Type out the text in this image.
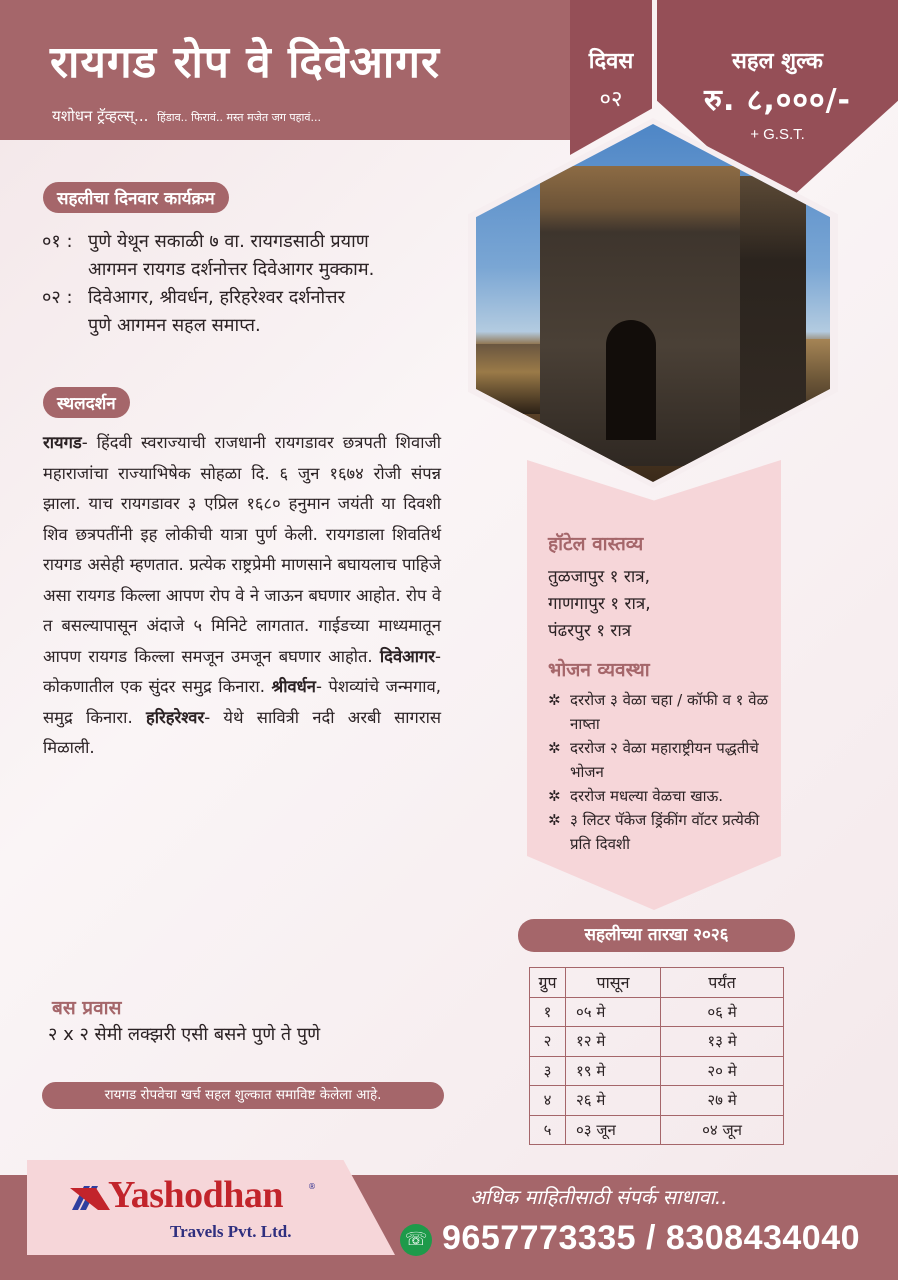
रायगड रोप वे दिवेआगर
यशोधन ट्रॅव्हल्स्... हिंडाव.. फिरावं.. मस्त मजेत जग पहावं...
दिवस
०२
सहल शुल्क
रु. ८,०००/-
+ G.S.T.
हॉटेल वास्तव्य
तुळजापुर १ रात्र,
गाणगापुर १ रात्र,
पंढरपुर १ रात्र
भोजन व्यवस्था
✲ दररोज ३ वेळा चहा / कॉफी व १ वेळ नाष्ता
✲ दररोज २ वेळा महाराष्ट्रीयन पद्धतीचे भोजन
✲ दररोज मधल्या वेळचा खाऊ.
✲ ३ लिटर पॅकेज ड्रिंकींग वॉटर प्रत्येकी प्रति दिवशी
सहलीचा दिनवार कार्यक्रम
०१ : पुणे येथून सकाळी ७ वा. रायगडसाठी प्रयाण
आगमन रायगड दर्शनोत्तर दिवेआगर मुक्काम.
०२ : दिवेआगर, श्रीवर्धन, हरिहरेश्वर दर्शनोत्तर
पुणे आगमन सहल समाप्त.
स्थलदर्शन

रायगड- हिंदवी स्वराज्याची राजधानी रायगडावर छत्रपती शिवाजी महाराजांचा राज्याभिषेक सोहळा दि. ६ जुन १६७४ रोजी संपन्न झाला. याच रायगडावर ३ एप्रिल १६८० हनुमान जयंती या दिवशी शिव छत्रपतींनी इह लोकीची यात्रा पुर्ण केली. रायगडाला शिवतिर्थ रायगड असेही म्हणतात. प्रत्येक राष्ट्रप्रेमी माणसाने बघायलाच पाहिजे असा रायगड किल्ला आपण रोप वे ने जाऊन बघणार आहोत. रोप वे त बसल्यापासून अंदाजे ५ मिनिटे लागतात. गाईडच्या माध्यमातून आपण रायगड किल्ला समजून उमजून बघणार आहोत. दिवेआगर- कोकणातील एक सुंदर समुद्र किनारा. श्रीवर्धन- पेशव्यांचे जन्मगाव, समुद्र किनारा. हरिहरेश्वर- येथे सावित्री नदी अरबी सागरास मिळाली.

बस प्रवास
२ x २ सेमी लक्झरी एसी बसने पुणे ते पुणे
रायगड रोपवेचा खर्च सहल शुल्कात समाविष्ट केलेला आहे.
सहलीच्या तारखा २०२६
ग्रुप	पासून	पर्यंत
१	०५ मे	०६ मे
२	१२ मे	१३ मे
३	१९ मे	२० मे
४	२६ मे	२७ मे
५	०३ जून	०४ जून
Yashodhan	®
Travels Pvt. Ltd.
अधिक माहितीसाठी संपर्क साधावा..
☏ 9657773335 / 8308434040
